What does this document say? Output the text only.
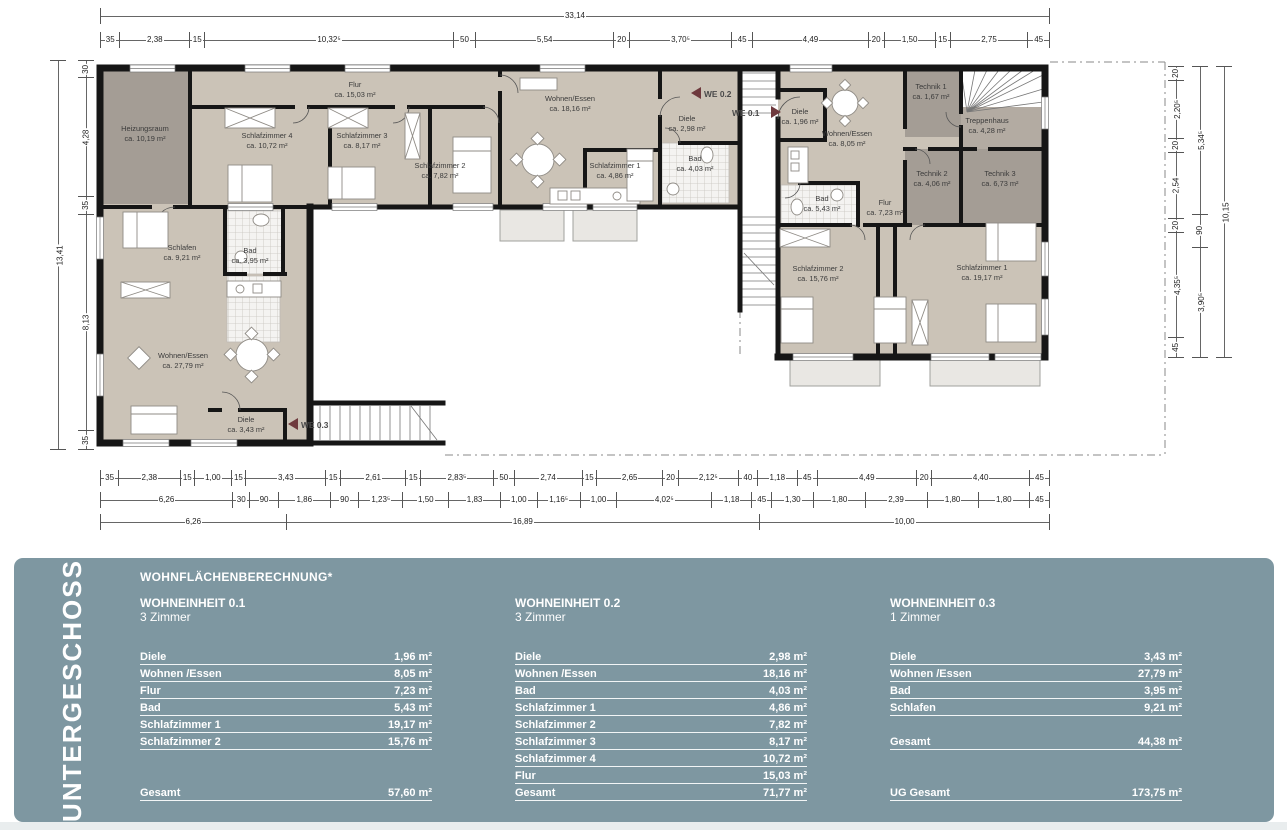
33,14
35	2,38	15	10,32⁵	50	5,54	20	3,70⁵	45	4,49	20	1,50	15	2,75	45
35	2,38	15 1,00 15	3,43	15	2,61	15	2,83⁵	50	2,74	15	2,65	20	2,12⁵	40 1,18 45	4,49	20	4,40	45
6,26	30 90	1,86	90	1,23⁵	1,50	1,83	1,00	1,16⁵	1,00	4,02⁵	1,18 45 1,30	1,80	2,39	1,80	1,80	45
6,26	16,89	10,00
13,41
30
4,28
35
8,13
35
20
2,20⁵
20
2,54
20
4,35⁵
45
5,34⁵
90
3,90⁵
10,15
Heizungsraum
ca. 10,19 m²
Flur
ca. 15,03 m²
Schlafzimmer 4
ca. 10,72 m²
Schlafzimmer 3
ca. 8,17 m²
Schlafzimmer 2
ca. 7,82 m²
Wohnen/Essen
ca. 18,16 m²
Schlafzimmer 1
ca. 4,86 m²
Diele
ca. 2,98 m²
Bad
ca. 4,03 m²
Diele
ca. 1,96 m²
Wohnen/Essen
ca. 8,05 m²
Technik 1
ca. 1,67 m²
Treppenhaus
ca. 4,28 m²
Technik 2
ca. 4,06 m²
Technik 3
ca. 6,73 m²
Bad
ca. 5,43 m²
Flur
ca. 7,23 m²
Schlafzimmer 2
ca. 15,76 m²
Schlafzimmer 1
ca. 19,17 m²
Schlafen
ca. 9,21 m²
Bad
ca. 3,95 m²
Wohnen/Essen
ca. 27,79 m²
Diele
ca. 3,43 m²
WE 0.2
WE 0.1
WE 0.3
UNTERGESCHOSS	WOHNFLÄCHENBERECHNUNG*
WOHNEINHEIT 0.1
3 Zimmer
Diele	1,96 m²
Wohnen /Essen	8,05 m²
Flur	7,23 m²
Bad	5,43 m²
Schlafzimmer 1	19,17 m²
Schlafzimmer 2	15,76 m²
Gesamt	57,60 m²
WOHNEINHEIT 0.2
3 Zimmer
Diele	2,98 m²
Wohnen /Essen	18,16 m²
Bad	4,03 m²
Schlafzimmer 1	4,86 m²
Schlafzimmer 2	7,82 m²
Schlafzimmer 3	8,17 m²
Schlafzimmer 4	10,72 m²
Flur	15,03 m²
Gesamt	71,77 m²
WOHNEINHEIT 0.3
1 Zimmer
Diele	3,43 m²
Wohnen /Essen	27,79 m²
Bad	3,95 m²
Schlafen	9,21 m²
Gesamt	44,38 m²
UG Gesamt	173,75 m²
